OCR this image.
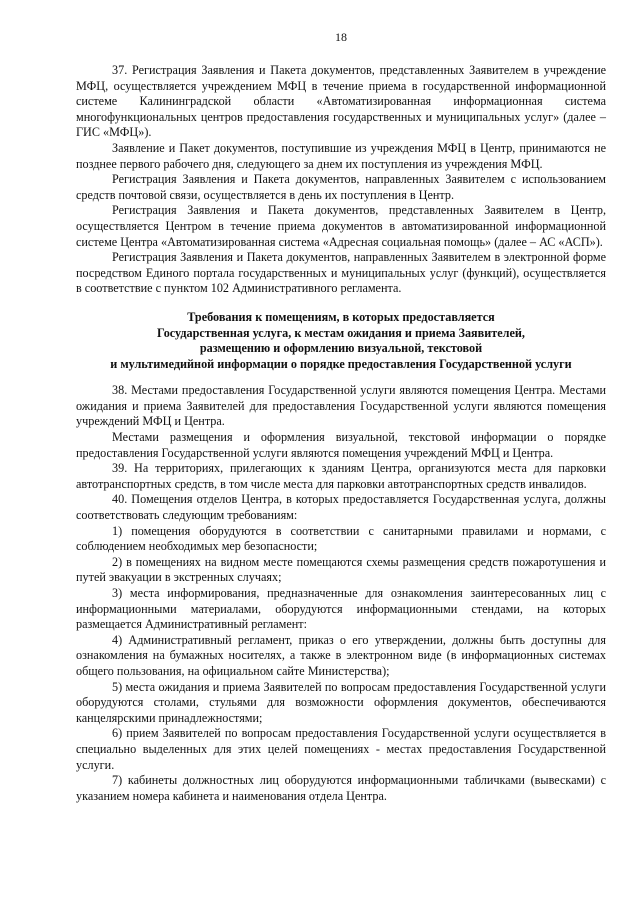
18

37. Регистрация Заявления и Пакета документов, представленных Заявителем в учреждение МФЦ, осуществляется учреждением МФЦ в течение приема в государственной информационной системе Калининградской области «Автоматизированная информационная система многофункциональных центров предоставления государственных и муниципальных услуг» (далее – ГИС «МФЦ»).

Заявление и Пакет документов, поступившие из учреждения МФЦ в Центр, принимаются не позднее первого рабочего дня, следующего за днем их поступления из учреждения МФЦ.

Регистрация Заявления и Пакета документов, направленных Заявителем с использованием средств почтовой связи, осуществляется в день их поступления в Центр.

Регистрация Заявления и Пакета документов, представленных Заявителем в Центр, осуществляется Центром в течение приема документов в автоматизированной информационной системе Центра «Автоматизированная система «Адресная социальная помощь» (далее – АС «АСП»).

Регистрация Заявления и Пакета документов, направленных Заявителем в электронной форме посредством Единого портала государственных и муниципальных услуг (функций), осуществляется в соответствие с пунктом 102 Административного регламента.

Требования к помещениям, в которых предоставляется
Государственная услуга, к местам ожидания и приема Заявителей,
размещению и оформлению визуальной, текстовой
и мультимедийной информации о порядке предоставления Государственной услуги

38. Местами предоставления Государственной услуги являются помещения Центра. Местами ожидания и приема Заявителей для предоставления Государственной услуги являются помещения учреждений МФЦ и Центра.

Местами размещения и оформления визуальной, текстовой информации о порядке предоставления Государственной услуги являются помещения учреждений МФЦ и Центра.

39. На территориях, прилегающих к зданиям Центра, организуются места для парковки автотранспортных средств, в том числе места для парковки автотранспортных средств инвалидов.

40. Помещения отделов Центра, в которых предоставляется Государственная услуга, должны соответствовать следующим требованиям:

1) помещения оборудуются в соответствии с санитарными правилами и нормами, с соблюдением необходимых мер безопасности;

2) в помещениях на видном месте помещаются схемы размещения средств пожаротушения и путей эвакуации в экстренных случаях;

3) места информирования, предназначенные для ознакомления заинтересованных лиц с информационными материалами, оборудуются информационными стендами, на которых размещается Административный регламент:

4) Административный регламент, приказ о его утверждении, должны быть доступны для ознакомления на бумажных носителях, а также в электронном виде (в информационных системах общего пользования, на официальном сайте Министерства);

5) места ожидания и приема Заявителей по вопросам предоставления Государственной услуги оборудуются столами, стульями для возможности оформления документов, обеспечиваются канцелярскими принадлежностями;

6) прием Заявителей по вопросам предоставления Государственной услуги осуществляется в специально выделенных для этих целей помещениях - местах предоставления Государственной услуги.

7) кабинеты должностных лиц оборудуются информационными табличками (вывесками) с указанием номера кабинета и наименования отдела Центра.
